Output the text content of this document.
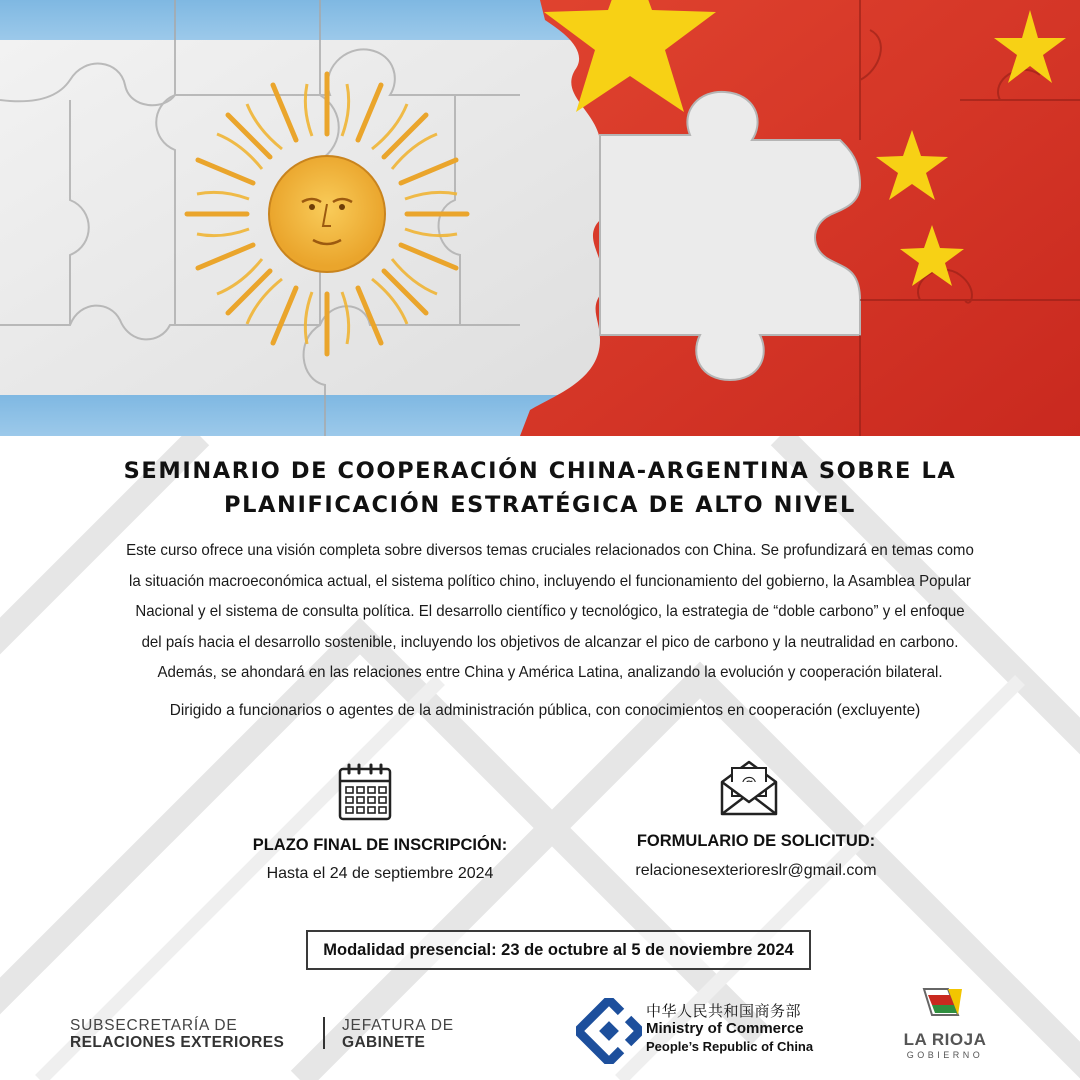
SEMINARIO DE COOPERACIÓN CHINA-ARGENTINA SOBRE LA
PLANIFICACIÓN ESTRATÉGICA DE ALTO NIVEL
Este curso ofrece una visión completa sobre diversos temas cruciales relacionados con China. Se profundizará en temas como
la situación macroeconómica actual, el sistema político chino, incluyendo el funcionamiento del gobierno, la Asamblea Popular
Nacional y el sistema de consulta política. El desarrollo científico y tecnológico, la estrategia de “doble carbono” y el enfoque
del país hacia el desarrollo sostenible, incluyendo los objetivos de alcanzar el pico de carbono y la neutralidad en carbono.
Además, se ahondará en las relaciones entre China y América Latina, analizando la evolución y cooperación bilateral.
Dirigido a funcionarios o agentes de la administración pública, con conocimientos en cooperación (excluyente)
PLAZO FINAL DE INSCRIPCIÓN:
Hasta el 24 de septiembre 2024
FORMULARIO DE SOLICITUD:
relacionesexterioreslr@gmail.com
Modalidad presencial: 23 de octubre al 5 de noviembre 2024
SUBSECRETARÍA DE
RELACIONES EXTERIORES
JEFATURA DE
GABINETE
中华人民共和国商务部
Ministry of Commerce
People’s Republic of China	LA RIOJA
GOBIERNO
